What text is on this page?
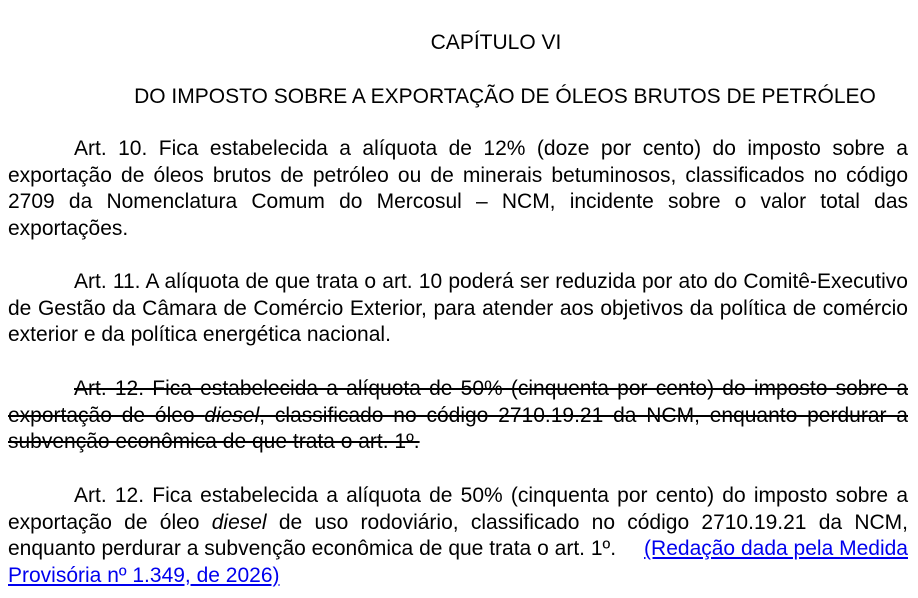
CAPÍTULO VI

DO IMPOSTO SOBRE A EXPORTAÇÃO DE ÓLEOS BRUTOS DE PETRÓLEO

Art. 10. Fica estabelecida a alíquota de 12% (doze por cento) do imposto sobre a exportação de óleos brutos de petróleo ou de minerais betuminosos, classificados no código 2709 da Nomenclatura Comum do Mercosul – NCM, incidente sobre o valor total das exportações.

Art. 11. A alíquota de que trata o art. 10 poderá ser reduzida por ato do Comitê-Executivo de Gestão da Câmara de Comércio Exterior, para atender aos objetivos da política de comércio exterior e da política energética nacional.

Art. 12. Fica estabelecida a alíquota de 50% (cinquenta por cento) do imposto sobre a exportação de óleo diesel, classificado no código 2710.19.21 da NCM, enquanto perdurar a subvenção econômica de que trata o art. 1º.

Art. 12. Fica estabelecida a alíquota de 50% (cinquenta por cento) do imposto sobre a exportação de óleo diesel de uso rodoviário, classificado no código 2710.19.21 da NCM, enquanto perdurar a subvenção econômica de que trata o art. 1º. (Redação dada pela Medida Provisória nº 1.349, de 2026)
